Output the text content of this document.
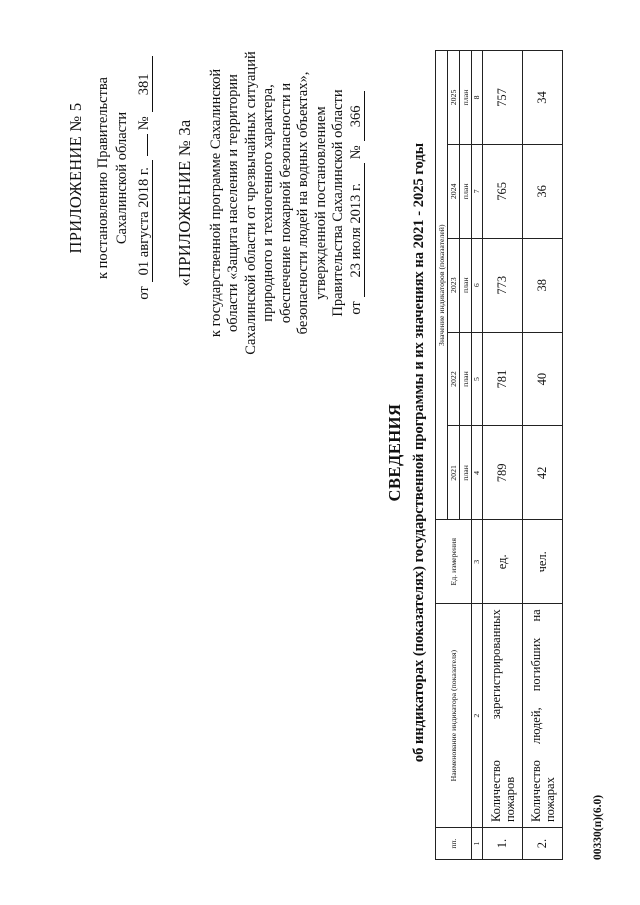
ПРИЛОЖЕНИЕ № 5 к постановлению Правительства Сахалинской области
от
01 августа 2018 г.
№
381
«ПРИЛОЖЕНИЕ № 3а к государственной программе Сахалинской области «Защита населения и территории Сахалинской области от чрезвычайных ситуаций природного и техногенного характера, обеспечение пожарной безопасности и безопасности людей на водных объектах», утвержденной постановлением Правительства Сахалинской области от
23 июля 2013 г.
№
366
СВЕДЕНИЯ об индикаторах (показателях) государственной программы и их значениях на 2021 - 2025 годы
пп.	Наименование индикатора (показателя)	Ед. измерения	Значение индикаторов (показателей)				
			2021	2022	2023	2024	2025
			план	план	план	план	план
1	2	3	4	5	6	7	8
1.	Количество зарегистрированных пожаров	ед.	789	781	773	765	757
2.	Количество людей, погибших на пожарах	чел.	42	40	38	36	34
00330(п)(6.0)
